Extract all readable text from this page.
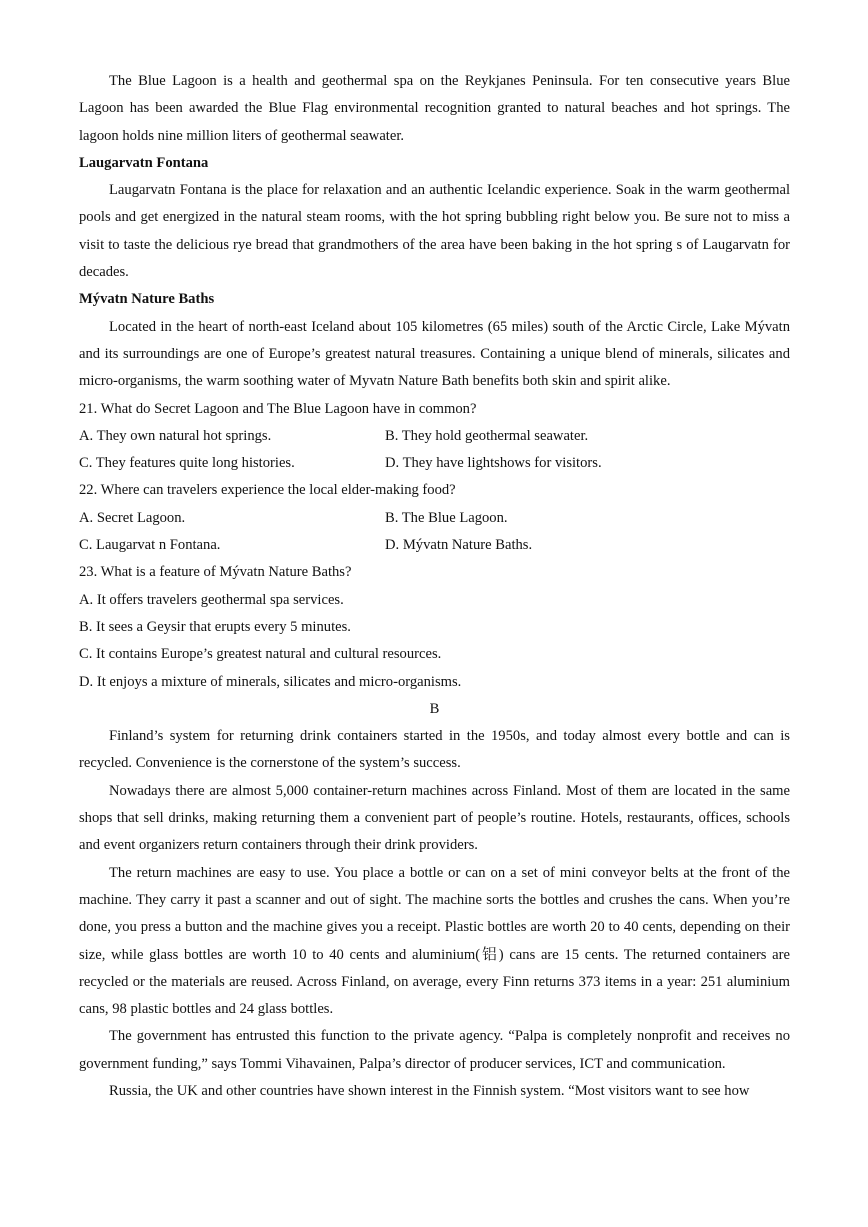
The Blue Lagoon is a health and geothermal spa on the Reykjanes Peninsula. For ten consecutive years Blue Lagoon has been awarded the Blue Flag environmental recognition granted to natural beaches and hot springs. The lagoon holds nine million liters of geothermal seawater.

Laugarvatn Fontana

Laugarvatn Fontana is the place for relaxation and an authentic Icelandic experience. Soak in the warm geothermal pools and get energized in the natural steam rooms, with the hot spring bubbling right below you. Be sure not to miss a visit to taste the delicious rye bread that grandmothers of the area have been baking in the hot spring s of Laugarvatn for decades.

Mývatn Nature Baths

Located in the heart of north-east Iceland about 105 kilometres (65 miles) south of the Arctic Circle, Lake Mývatn and its surroundings are one of Europe’s greatest natural treasures. Containing a unique blend of minerals, silicates and micro-organisms, the warm soothing water of Myvatn Nature Bath benefits both skin and spirit alike.

21. What do Secret Lagoon and The Blue Lagoon have in common?

A. They own natural hot springs.	B. They hold geothermal seawater.
C. They features quite long histories.	D. They have lightshows for visitors.

22. Where can travelers experience the local elder-making food?

A. Secret Lagoon.	B. The Blue Lagoon.
C. Laugarvat n Fontana.	D. Mývatn Nature Baths.

23. What is a feature of Mývatn Nature Baths?

A. It offers travelers geothermal spa services.

B. It sees a Geysir that erupts every 5 minutes.

C. It contains Europe’s greatest natural and cultural resources.

D. It enjoys a mixture of minerals, silicates and micro-organisms.

B

Finland’s system for returning drink containers started in the 1950s, and today almost every bottle and can is recycled. Convenience is the cornerstone of the system’s success.

Nowadays there are almost 5,000 container-return machines across Finland. Most of them are located in the same shops that sell drinks, making returning them a convenient part of people’s routine. Hotels, restaurants, offices, schools and event organizers return containers through their drink providers.

The return machines are easy to use. You place a bottle or can on a set of mini conveyor belts at the front of the machine. They carry it past a scanner and out of sight. The machine sorts the bottles and crushes the cans. When you’re done, you press a button and the machine gives you a receipt. Plastic bottles are worth 20 to 40 cents, depending on their size, while glass bottles are worth 10 to 40 cents and aluminium(铝) cans are 15 cents. The returned containers are recycled or the materials are reused. Across Finland, on average, every Finn returns 373 items in a year: 251 aluminium cans, 98 plastic bottles and 24 glass bottles.

The government has entrusted this function to the private agency. “Palpa is completely nonprofit and receives no government funding,” says Tommi Vihavainen, Palpa’s director of producer services, ICT and communication.

Russia, the UK and other countries have shown interest in the Finnish system. “Most visitors want to see how
